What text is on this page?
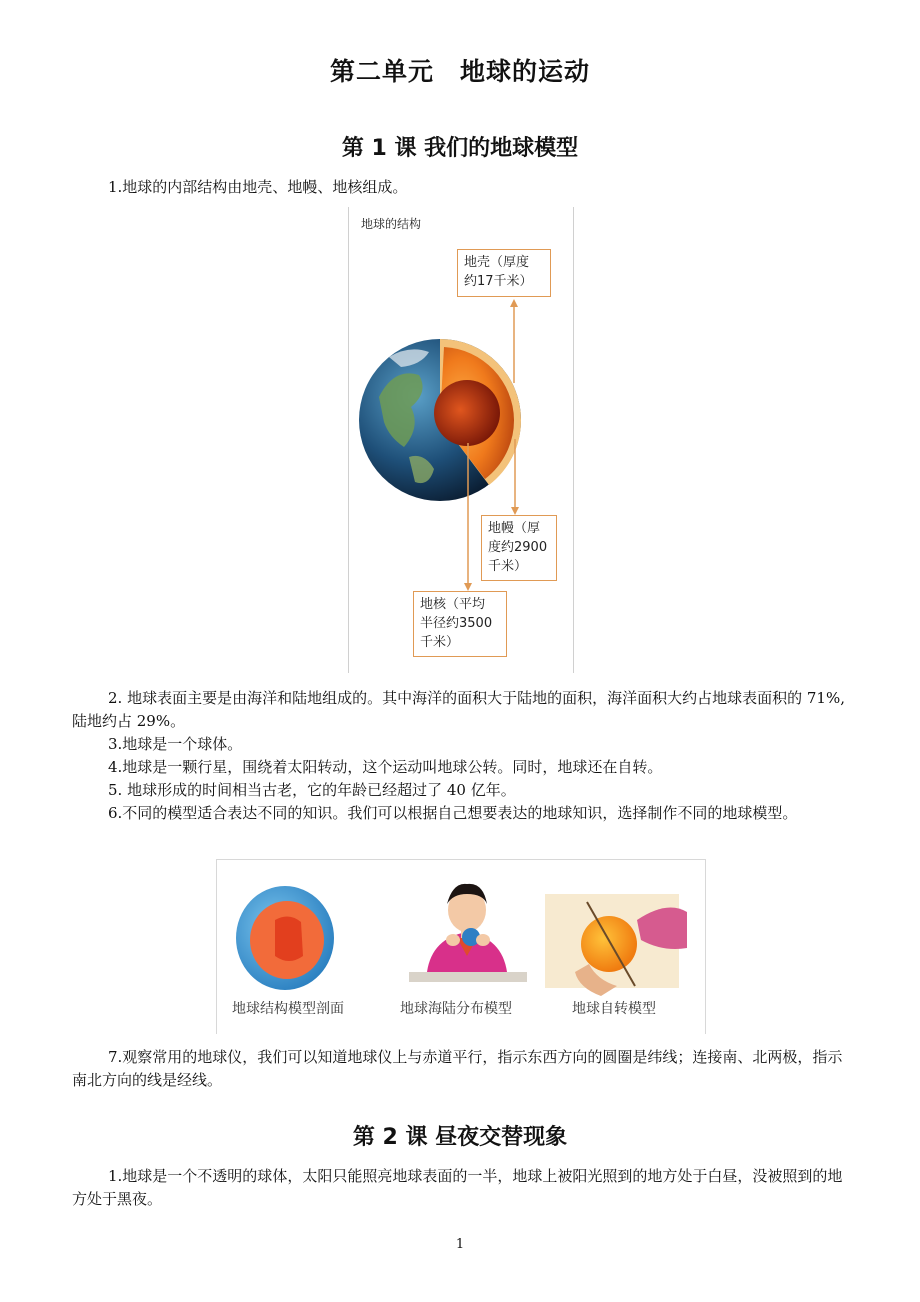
第二单元　地球的运动
第 1 课 我们的地球模型
1.地球的内部结构由地壳、地幔、地核组成。
地球的结构
地壳（厚度
约17千米）
地幔（厚
度约2900
千米）
地核（平均
半径约3500
千米）
2. 地球表面主要是由海洋和陆地组成的。其中海洋的面积大于陆地的面积，海洋面积大约占地球表面积的 71%,陆地约占 29%。
3.地球是一个球体。
4.地球是一颗行星，围绕着太阳转动，这个运动叫地球公转。同时，地球还在自转。
5. 地球形成的时间相当古老，它的年龄已经超过了 40 亿年。
6.不同的模型适合表达不同的知识。我们可以根据自己想要表达的地球知识，选择制作不同的地球模型。
地球结构模型剖面	地球海陆分布模型	地球自转模型
7.观察常用的地球仪，我们可以知道地球仪上与赤道平行，指示东西方向的圆圈是纬线；连接南、北两极，指示南北方向的线是经线。
第 2 课 昼夜交替现象
1.地球是一个不透明的球体，太阳只能照亮地球表面的一半，地球上被阳光照到的地方处于白昼，没被照到的地方处于黑夜。
1
